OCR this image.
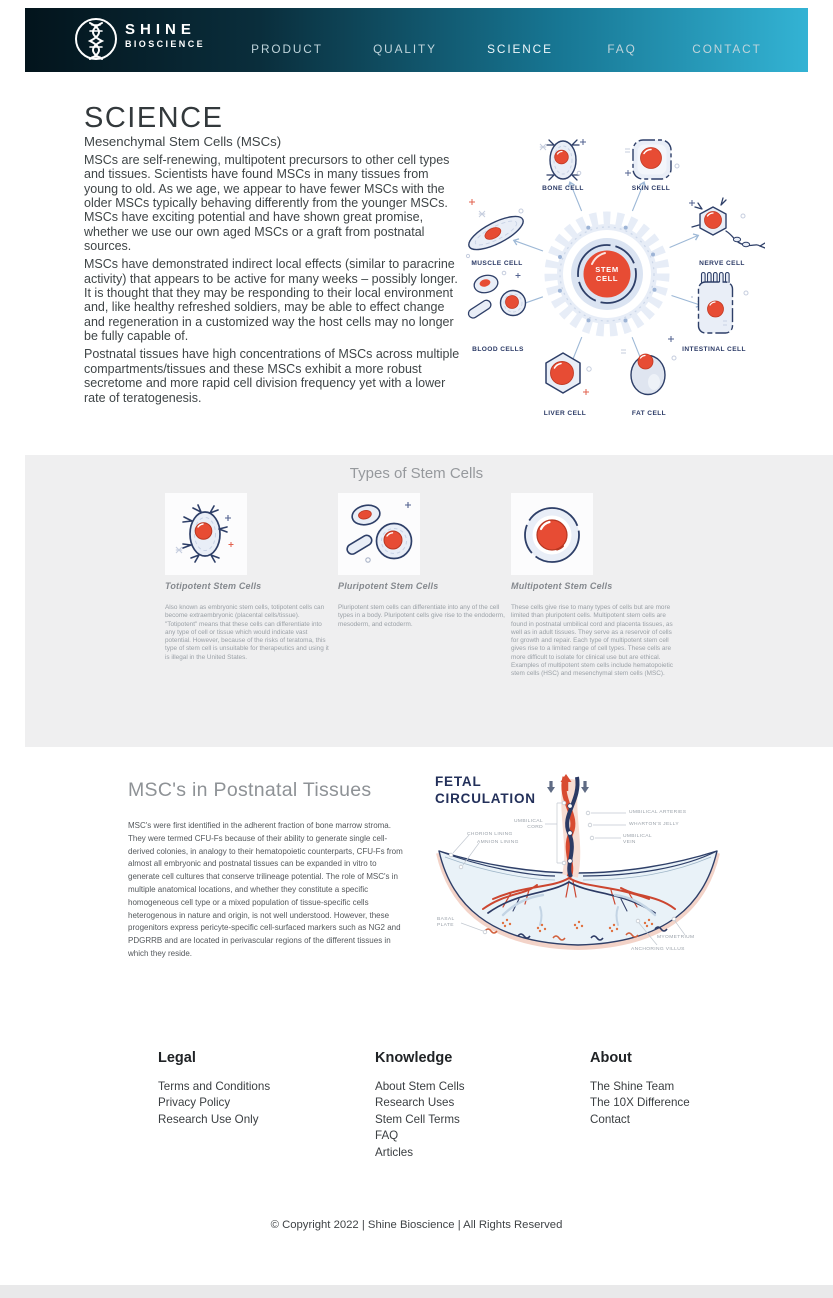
SHINE
BIOSCIENCE	PRODUCT	QUALITY	SCIENCE	FAQ	CONTACT
SCIENCE
Mesenchymal Stem Cells (MSCs)

MSCs are self-renewing, multipotent precursors to other cell types and tissues. Scientists have found MSCs in many tissues from young to old. As we age, we appear to have fewer MSCs with the older MSCs typically behaving differently from the younger MSCs. MSCs have exciting potential and have shown great promise, whether we use our own aged MSCs or a graft from postnatal sources.

MSCs have demonstrated indirect local effects (similar to paracrine activity) that appears to be active for many weeks – possibly longer. It is thought that they may be responding to their local environment and, like healthy refreshed soldiers, may be able to effect change and regeneration in a customized way the host cells may no longer be fully capable of.

Postnatal tissues have high concentrations of MSCs across multiple compartments/tissues and these MSCs exhibit a more robust secretome and more rapid cell division frequency yet with a lower rate of teratogenesis.

STEM CELL
BONE CELL	SKIN CELL
MUSCLE CELL	NERVE CELL
BLOOD CELLS	INTESTINAL CELL
LIVER CELL	FAT CELL
Types of Stem Cells
Totipotent Stem Cells
Also known as embryonic stem cells, totipotent cells can become extraembryonic (placental cells/tissue). "Totipotent" means that these cells can differentiate into any type of cell or tissue which would indicate vast potential. However, because of the risks of teratoma, this type of stem cell is unsuitable for therapeutics and using it is illegal in the United States.
Pluripotent Stem Cells
Pluripotent stem cells can differentiate into any of the cell types in a body. Pluripotent cells give rise to the endoderm, mesoderm, and ectoderm.
Multipotent Stem Cells
These cells give rise to many types of cells but are more limited than pluripotent cells. Multipotent stem cells are found in postnatal umbilical cord and placenta tissues, as well as in adult tissues. They serve as a reservoir of cells for growth and repair. Each type of multipotent stem cell gives rise to a limited range of cell types. These cells are more difficult to isolate for clinical use but are ethical. Examples of multipotent stem cells include hematopoietic stem cells (HSC) and mesenchymal stem cells (MSC).
MSC's in Postnatal Tissues
MSC's were first identified in the adherent fraction of bone marrow stroma. They were termed CFU-Fs because of their ability to generate single cell-derived colonies, in analogy to their hematopoietic counterparts, CFU-Fs from almost all embryonic and postnatal tissues can be expanded in vitro to generate cell cultures that conserve trilineage potential. The role of MSC's in multiple anatomical locations, and whether they constitute a specific homogeneous cell type or a mixed population of tissue-specific cells heterogenous in nature and origin, is not well understood. However, these progenitors express pericyte-specific cell-surfaced markers such as NG2 and PDGRRB and are located in perivascular regions of the different tissues in which they reside.
FETAL
CIRCULATION
UMBILICAL CORD
CHORION LINING
AMNION LINING
UMBILICAL ARTERIES
WHARTON'S JELLY
UMBILICAL VEIN
BASAL PLATE
MYOMETRIUM
ANCHORING VILLUS
Legal
Terms and Conditions
Privacy Policy
Research Use Only
Knowledge
About Stem Cells
Research Uses
Stem Cell Terms
FAQ
Articles
About
The Shine Team
The 10X Difference
Contact
© Copyright 2022 | Shine Bioscience | All Rights Reserved
